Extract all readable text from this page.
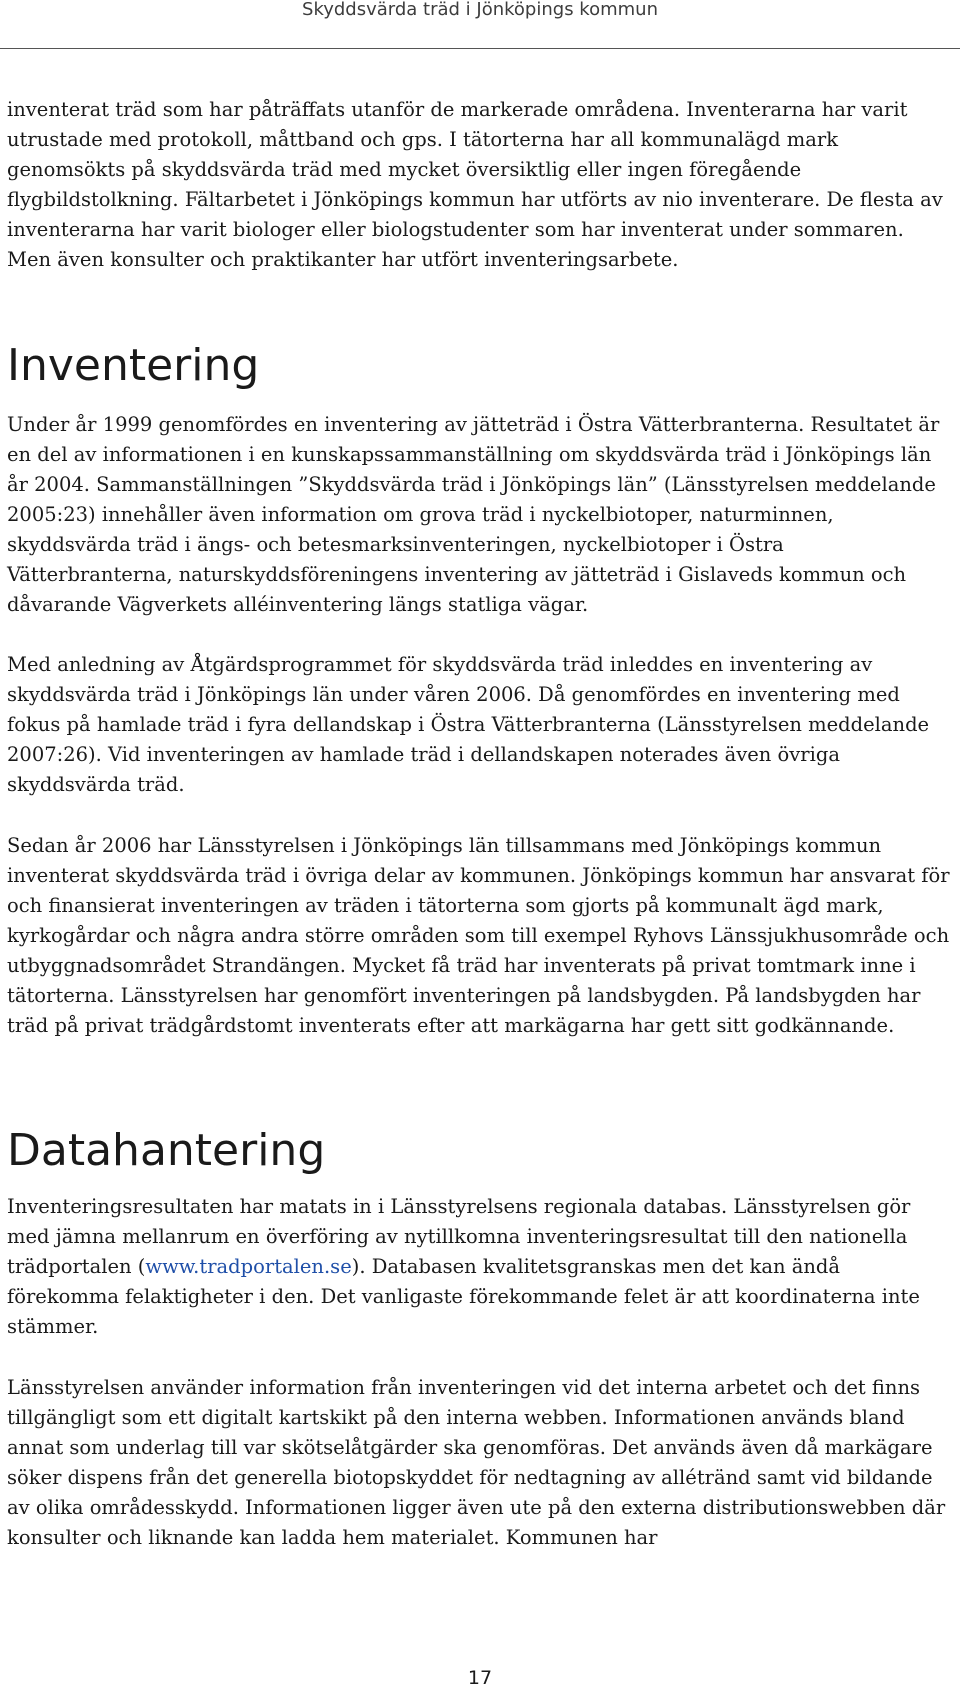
Skyddsvärda träd i Jönköpings kommun

inventerat träd som har påträffats utanför de markerade områdena. Inventerarna har varit utrustade med protokoll, måttband och gps. I tätorterna har all kommunalägd mark genomsökts på skyddsvärda träd med mycket översiktlig eller ingen föregående flygbildstolkning. Fältarbetet i Jönköpings kommun har utförts av nio inventerare. De flesta av inventerarna har varit biologer eller biologstudenter som har inventerat under sommaren. Men även konsulter och praktikanter har utfört inventeringsarbete.

Inventering

Under år 1999 genomfördes en inventering av jätteträd i Östra Vätterbranterna. Resultatet är en del av informationen i en kunskapssammanställning om skyddsvärda träd i Jönköpings län år 2004. Sammanställningen ”Skyddsvärda träd i Jönköpings län” (Länsstyrelsen meddelande 2005:23) innehåller även information om grova träd i nyckelbiotoper, naturminnen, skyddsvärda träd i ängs- och betesmarksinventeringen, nyckelbiotoper i Östra Vätterbranterna, naturskyddsföreningens inventering av jätteträd i Gislaveds kommun och dåvarande Vägverkets alléinventering längs statliga vägar.

Med anledning av Åtgärdsprogrammet för skyddsvärda träd inleddes en inventering av skyddsvärda träd i Jönköpings län under våren 2006. Då genomfördes en inventering med fokus på hamlade träd i fyra dellandskap i Östra Vätterbranterna (Länsstyrelsen meddelande 2007:26). Vid inventeringen av hamlade träd i dellandskapen noterades även övriga skyddsvärda träd.

Sedan år 2006 har Länsstyrelsen i Jönköpings län tillsammans med Jönköpings kommun inventerat skyddsvärda träd i övriga delar av kommunen. Jönköpings kommun har ansvarat för och finansierat inventeringen av träden i tätorterna som gjorts på kommunalt ägd mark, kyrkogårdar och några andra större områden som till exempel Ryhovs Länssjukhusområde och utbyggnadsområdet Strandängen. Mycket få träd har inventerats på privat tomtmark inne i tätorterna. Länsstyrelsen har genomfört inventeringen på landsbygden. På landsbygden har träd på privat trädgårdstomt inventerats efter att markägarna har gett sitt godkännande.

Datahantering

Inventeringsresultaten har matats in i Länsstyrelsens regionala databas. Länsstyrelsen gör med jämna mellanrum en överföring av nytillkomna inventeringsresultat till den nationella trädportalen (www.tradportalen.se). Databasen kvalitetsgranskas men det kan ändå förekomma felaktigheter i den. Det vanligaste förekommande felet är att koordinaterna inte stämmer.

Länsstyrelsen använder information från inventeringen vid det interna arbetet och det finns tillgängligt som ett digitalt kartskikt på den interna webben. Informationen används bland annat som underlag till var skötselåtgärder ska genomföras. Det används även då markägare söker dispens från det generella biotopskyddet för nedtagning av allétränd samt vid bildande av olika områdesskydd. Informationen ligger även ute på den externa distributionswebben där konsulter och liknande kan ladda hem materialet. Kommunen har

17
